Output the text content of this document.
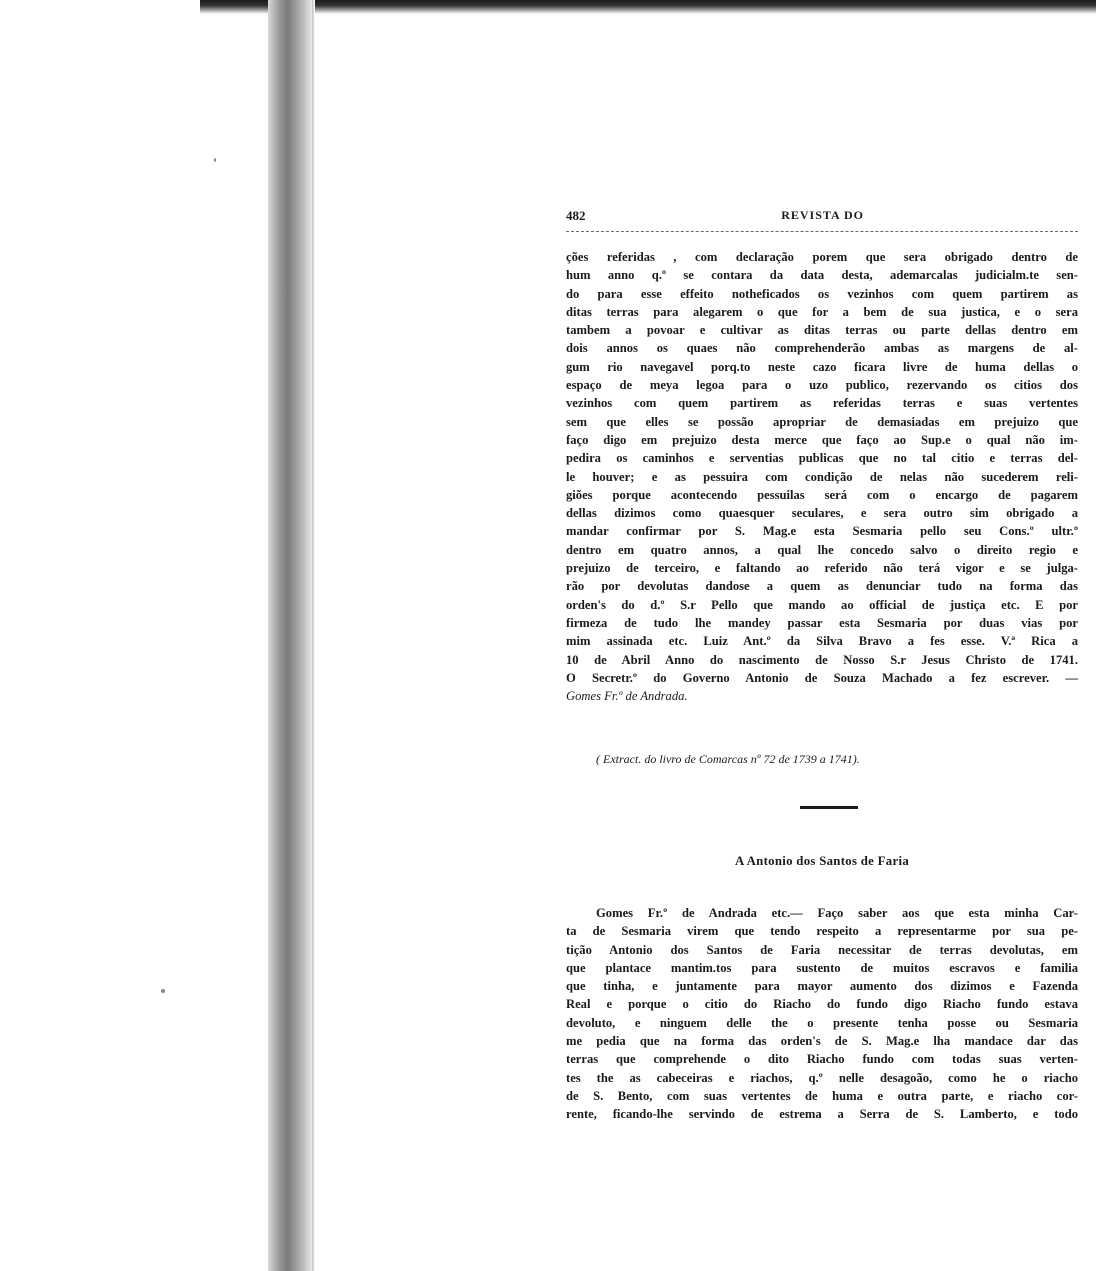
482	REVISTA DO
ções referidas , com declaração porem que sera obrigado dentro de
hum anno q.º se contara da data desta, ademarcalas judicialm.te sen-
do para esse effeito notheficados os vezinhos com quem partirem as
ditas terras para alegarem o que for a bem de sua justica, e o sera
tambem a povoar e cultivar as ditas terras ou parte dellas dentro em
dois annos os quaes não comprehenderão ambas as margens de al-
gum rio navegavel porq.to neste cazo ficara livre de huma dellas o
espaço de meya legoa para o uzo publico, rezervando os citios dos
vezinhos com quem partirem as referidas terras e suas vertentes
sem que elles se possão apropriar de demasiadas em prejuizo que
faço digo em prejuizo desta merce que faço ao Sup.e o qual não im-
pedira os caminhos e serventias publicas que no tal citio e terras del-
le houver; e as pessuira com condição de nelas não sucederem reli-
giões porque acontecendo pessuilas será com o encargo de pagarem
dellas dizimos como quaesquer seculares, e sera outro sim obrigado a
mandar confirmar por S. Mag.e esta Sesmaria pello seu Cons.º ultr.º
dentro em quatro annos, a qual lhe concedo salvo o direito regio e
prejuizo de terceiro, e faltando ao referido não terá vigor e se julga-
rão por devolutas dandose a quem as denunciar tudo na forma das
orden's do d.º S.r Pello que mando ao official de justiça etc. E por
firmeza de tudo lhe mandey passar esta Sesmaria por duas vias por
mim assinada etc. Luiz Ant.º da Silva Bravo a fes esse. V.ª Rica a
10 de Abril Anno do nascimento de Nosso S.r Jesus Christo de 1741.
O Secretr.º do Governo Antonio de Souza Machado a fez escrever. —
Gomes Fr.º de Andrada.
( Extract. do livro de Comarcas nº 72 de 1739 a 1741).
A Antonio dos Santos de Faria
Gomes Fr.º de Andrada etc.— Faço saber aos que esta minha Car-
ta de Sesmaria virem que tendo respeito a representarme por sua pe-
tição Antonio dos Santos de Faria necessitar de terras devolutas, em
que plantace mantim.tos para sustento de muitos escravos e familia
que tinha, e juntamente para mayor aumento dos dizimos e Fazenda
Real e porque o citio do Riacho do fundo digo Riacho fundo estava
devoluto, e ninguem delle the o presente tenha posse ou Sesmaria
me pedia que na forma das orden's de S. Mag.e lha mandace dar das
terras que comprehende o dito Riacho fundo com todas suas verten-
tes the as cabeceiras e riachos, q.º nelle desagoão, como he o riacho
de S. Bento, com suas vertentes de huma e outra parte, e riacho cor-
rente, ficando-lhe servindo de estrema a Serra de S. Lamberto, e todo
